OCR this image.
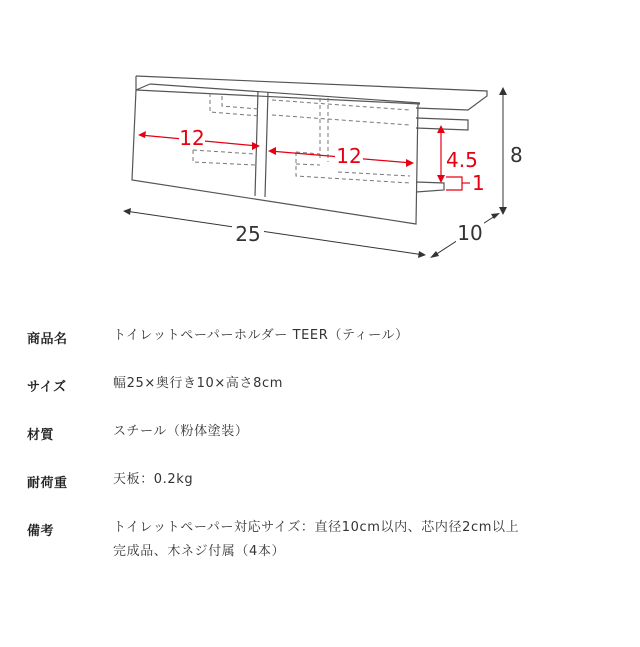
12
12	4.5
1
25	10
8
商品名	トイレットペーパーホルダー TEER（ティール）
サイズ	幅25×奥行き10×高さ8cm
材質	スチール（粉体塗装）
耐荷重	天板：0.2kg
備考	トイレットペーパー対応サイズ：直径10cm以内、芯内径2cm以上
完成品、木ネジ付属（4本）
